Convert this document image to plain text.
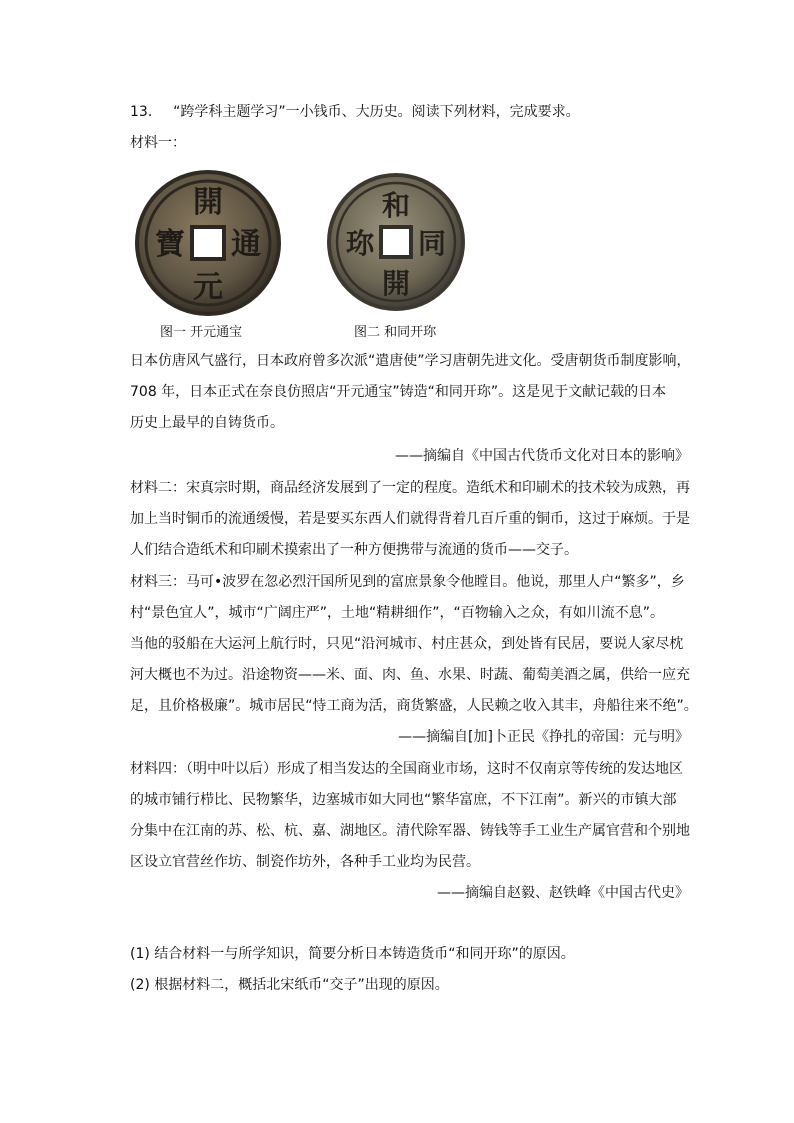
13. “跨学科主题学习”一小钱币、大历史。阅读下列材料，完成要求。
材料一：
開
通
元
寶
和
同
開
珎
图一 开元通宝	图二 和同开珎
日本仿唐风气盛行，日本政府曾多次派“遣唐使”学习唐朝先进文化。受唐朝货币制度影响，
708 年，日本正式在奈良仿照店“开元通宝”铸造“和同开珎”。这是见于文献记载的日本
历史上最早的自铸货币。
——摘编自《中国古代货币文化对日本的影响》
材料二：宋真宗时期，商品经济发展到了一定的程度。造纸术和印刷术的技术较为成熟，再
加上当时铜币的流通缓慢，若是要买东西人们就得背着几百斤重的铜币，这过于麻烦。于是
人们结合造纸术和印刷术摸索出了一种方便携带与流通的货币——交子。
材料三：马可•波罗在忽必烈汗国所见到的富庶景象令他瞠目。他说，那里人户“繁多”，乡
村“景色宜人”，城市“广阔庄严”，土地“精耕细作”，“百物输入之众，有如川流不息”。
当他的驳船在大运河上航行时，只见“沿河城市、村庄甚众，到处皆有民居，要说人家尽枕
河大概也不为过。沿途物资——米、面、肉、鱼、水果、时蔬、葡萄美酒之属，供给一应充
足，且价格极廉”。城市居民“恃工商为活，商货繁盛，人民赖之收入其丰，舟船往来不绝”。
——摘编自[加]卜正民《挣扎的帝国：元与明》
材料四：（明中叶以后）形成了相当发达的全国商业市场，这时不仅南京等传统的发达地区
的城市铺行栉比、民物繁华，边塞城市如大同也“繁华富庶，不下江南”。新兴的市镇大部
分集中在江南的苏、松、杭、嘉、湖地区。清代除军器、铸钱等手工业生产属官营和个别地
区设立官营丝作坊、制瓷作坊外，各种手工业均为民营。
——摘编自赵毅、赵铁峰《中国古代史》
(1) 结合材料一与所学知识，简要分析日本铸造货币“和同开珎”的原因。
(2) 根据材料二，概括北宋纸币“交子”出现的原因。
